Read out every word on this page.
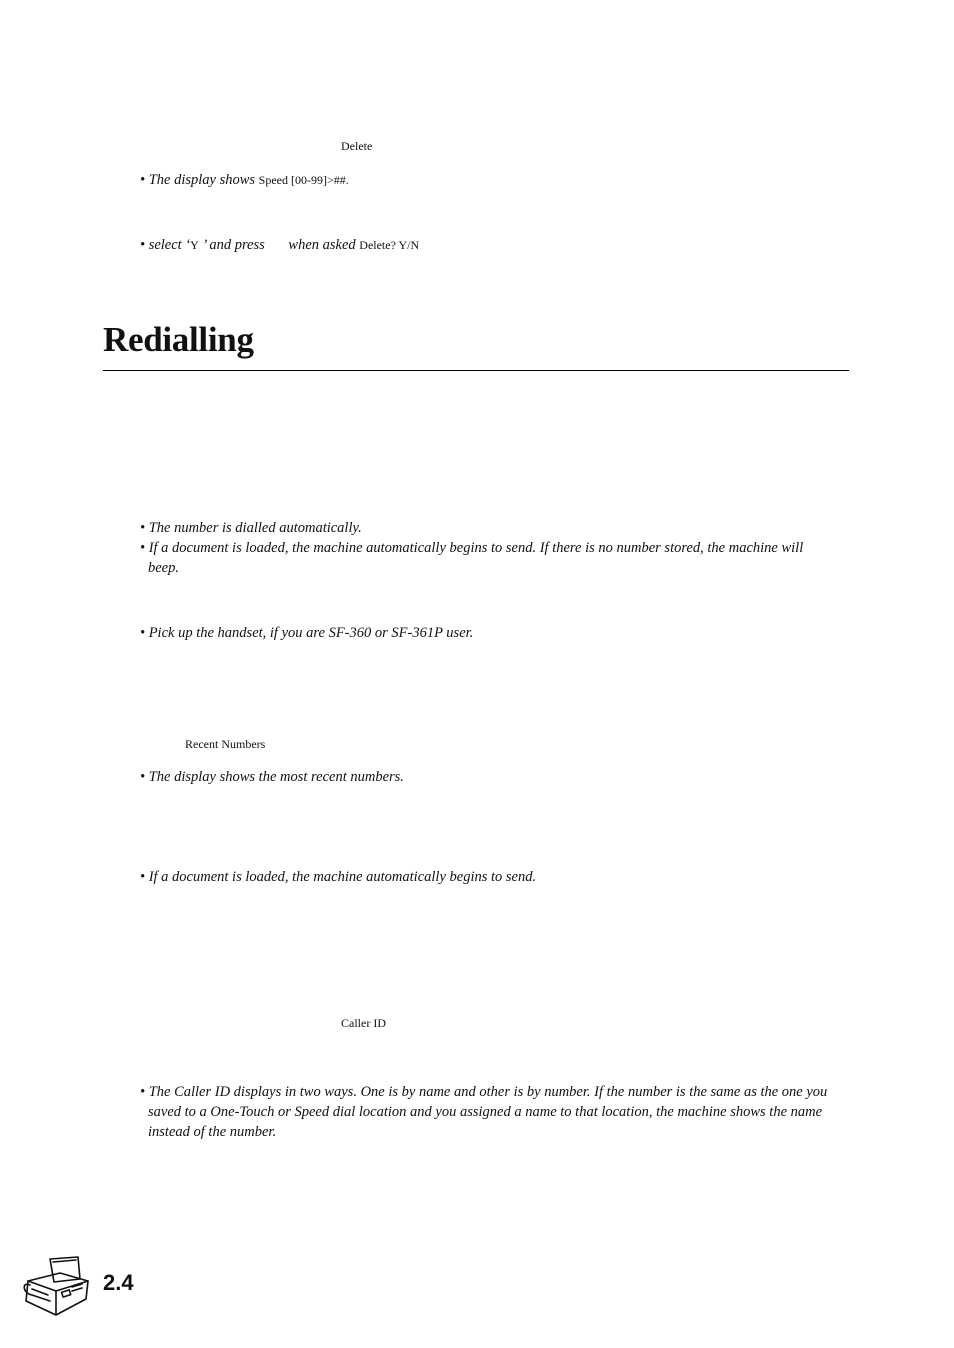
Delete
• The display shows Speed [00-99]>##.
• select ‘Y ’ and press when asked Delete? Y/N
Redialling
• The number is dialled automatically.
• If a document is loaded, the machine automatically begins to send. If there is no number stored, the machine will
beep.
• Pick up the handset, if you are SF-360 or SF-361P user.
Recent Numbers
• The display shows the most recent numbers.
• If a document is loaded, the machine automatically begins to send.
Caller ID
• The Caller ID displays in two ways. One is by name and other is by number. If the number is the same as the one you
saved to a One-Touch or Speed dial location and you assigned a name to that location, the machine shows the name
instead of the number.
2.4
